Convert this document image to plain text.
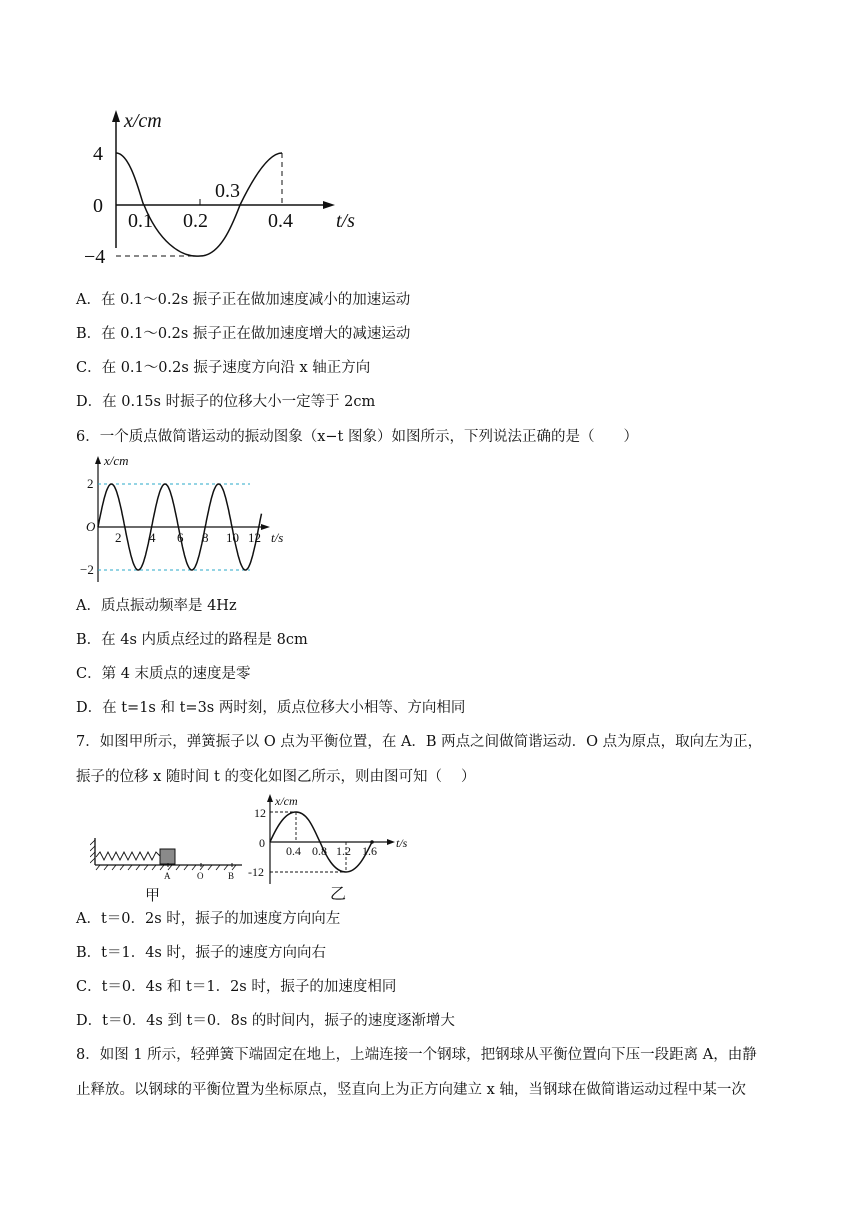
x/cm
t/s
4
0
−4
0.1 0.2
0.3
0.4
A．在 0.1～0.2s 振子正在做加速度减小的加速运动
B．在 0.1～0.2s 振子正在做加速度增大的减速运动
C．在 0.1～0.2s 振子速度方向沿 x 轴正方向
D．在 0.15s 时振子的位移大小一定等于 2cm
6．一个质点做简谐运动的振动图象（x−t 图象）如图所示，下列说法正确的是（　　）
x/cm
t/s
O
2
−2
2 4 6 8 10 12
A．质点振动频率是 4Hz
B．在 4s 内质点经过的路程是 8cm
C．第 4 末质点的速度是零
D．在 t=1s 和 t=3s 两时刻，质点位移大小相等、方向相同
7．如图甲所示，弹簧振子以 O 点为平衡位置，在 A．B 两点之间做简谐运动．O 点为原点，取向左为正，
振子的位移 x 随时间 t 的变化如图乙所示，则由图可知（　 ）
A	O	B
甲
x/cm
t/s
0
12
-12
0.4 0.8 1.2 1.6
乙
A．t＝0．2s 时，振子的加速度方向向左
B．t＝1．4s 时，振子的速度方向向右
C．t＝0．4s 和 t＝1．2s 时，振子的加速度相同
D．t＝0．4s 到 t＝0．8s 的时间内，振子的速度逐渐增大
8．如图 1 所示，轻弹簧下端固定在地上，上端连接一个钢球，把钢球从平衡位置向下压一段距离 A，由静
止释放。以钢球的平衡位置为坐标原点，竖直向上为正方向建立 x 轴，当钢球在做简谐运动过程中某一次
